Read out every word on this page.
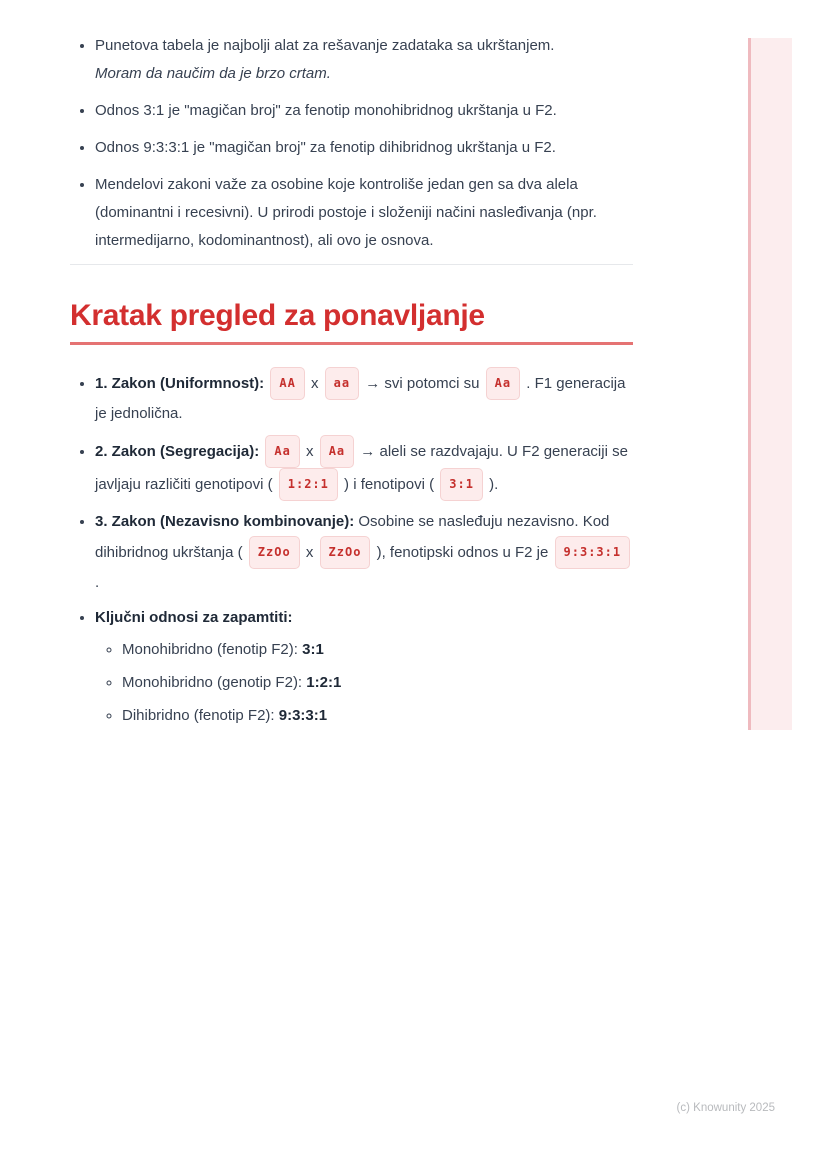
• Punetova tabela je najbolji alat za rešavanje zadataka sa ukrštanjem.
Moram da naučim da je brzo crtam.
• Odnos 3:1 je "magičan broj" za fenotip monohibridnog ukrštanja u F2.
• Odnos 9:3:3:1 je "magičan broj" za fenotip dihibridnog ukrštanja u F2.
• Mendelovi zakoni važe za osobine koje kontroliše jedan gen sa dva alela (dominantni i recesivni). U prirodi postoje i složeniji načini nasleđivanja (npr. intermedijarno, kodominantnost), ali ovo je osnova.
Kratak pregled za ponavljanje
• 1. Zakon (Uniformnost): AA x aa → svi potomci su Aa . F1 generacija je jednolična.
• 2. Zakon (Segregacija): Aa x Aa → aleli se razdvajaju. U F2 generaciji se javljaju različiti genotipovi ( 1:2:1 ) i fenotipovi ( 3:1 ).
• 3. Zakon (Nezavisno kombinovanje): Osobine se nasleđuju nezavisno. Kod dihibridnog ukrštanja ( ZzOo x ZzOo ), fenotipski odnos u F2 je 9:3:3:1 .
• Ključni odnosi za zapamtiti:
◦ Monohibridno (fenotip F2): 3:1
◦ Monohibridno (genotip F2): 1:2:1
◦ Dihibridno (fenotip F2): 9:3:3:1
(c) Knowunity 2025
